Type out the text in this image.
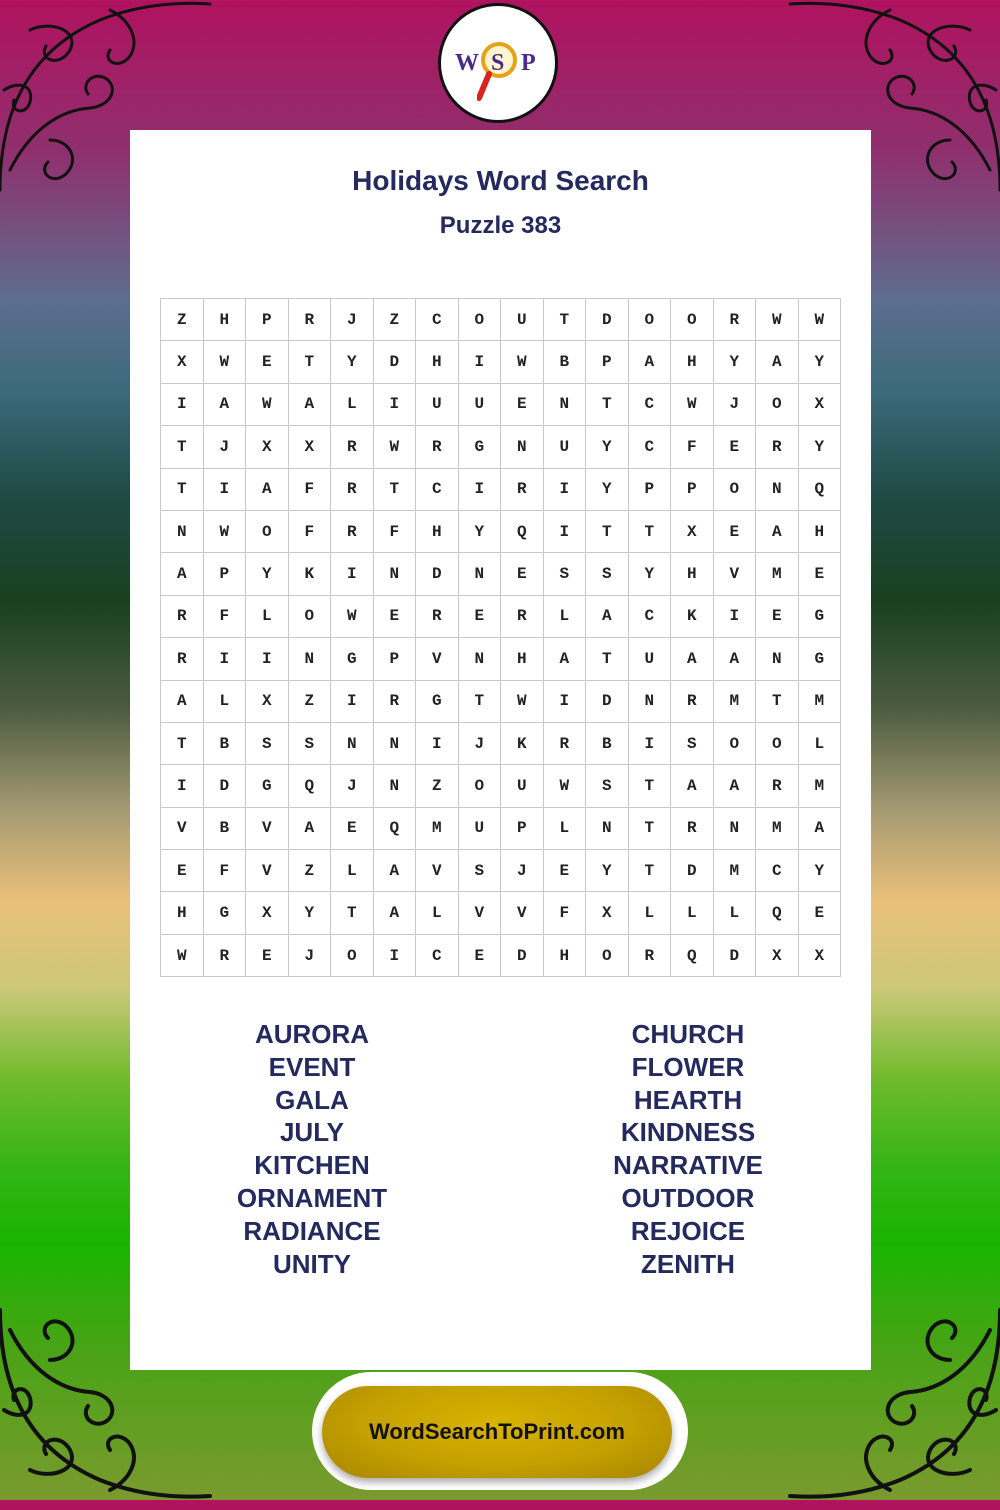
W S P
Holidays Word Search
Puzzle 383
Z	H	P	R	J	Z	C	O	U	T	D	O	O	R	W	W
X	W	E	T	Y	D	H	I	W	B	P	A	H	Y	A	Y
I	A	W	A	L	I	U	U	E	N	T	C	W	J	O	X
T	J	X	X	R	W	R	G	N	U	Y	C	F	E	R	Y
T	I	A	F	R	T	C	I	R	I	Y	P	P	O	N	Q
N	W	O	F	R	F	H	Y	Q	I	T	T	X	E	A	H
A	P	Y	K	I	N	D	N	E	S	S	Y	H	V	M	E
R	F	L	O	W	E	R	E	R	L	A	C	K	I	E	G
R	I	I	N	G	P	V	N	H	A	T	U	A	A	N	G
A	L	X	Z	I	R	G	T	W	I	D	N	R	M	T	M
T	B	S	S	N	N	I	J	K	R	B	I	S	O	O	L
I	D	G	Q	J	N	Z	O	U	W	S	T	A	A	R	M
V	B	V	A	E	Q	M	U	P	L	N	T	R	N	M	A
E	F	V	Z	L	A	V	S	J	E	Y	T	D	M	C	Y
H	G	X	Y	T	A	L	V	V	F	X	L	L	L	Q	E
W	R	E	J	O	I	C	E	D	H	O	R	Q	D	X	X
AURORA
EVENT
GALA
JULY
KITCHEN
ORNAMENT
RADIANCE
UNITY
CHURCH
FLOWER
HEARTH
KINDNESS
NARRATIVE
OUTDOOR
REJOICE
ZENITH
WordSearchToPrint.com
